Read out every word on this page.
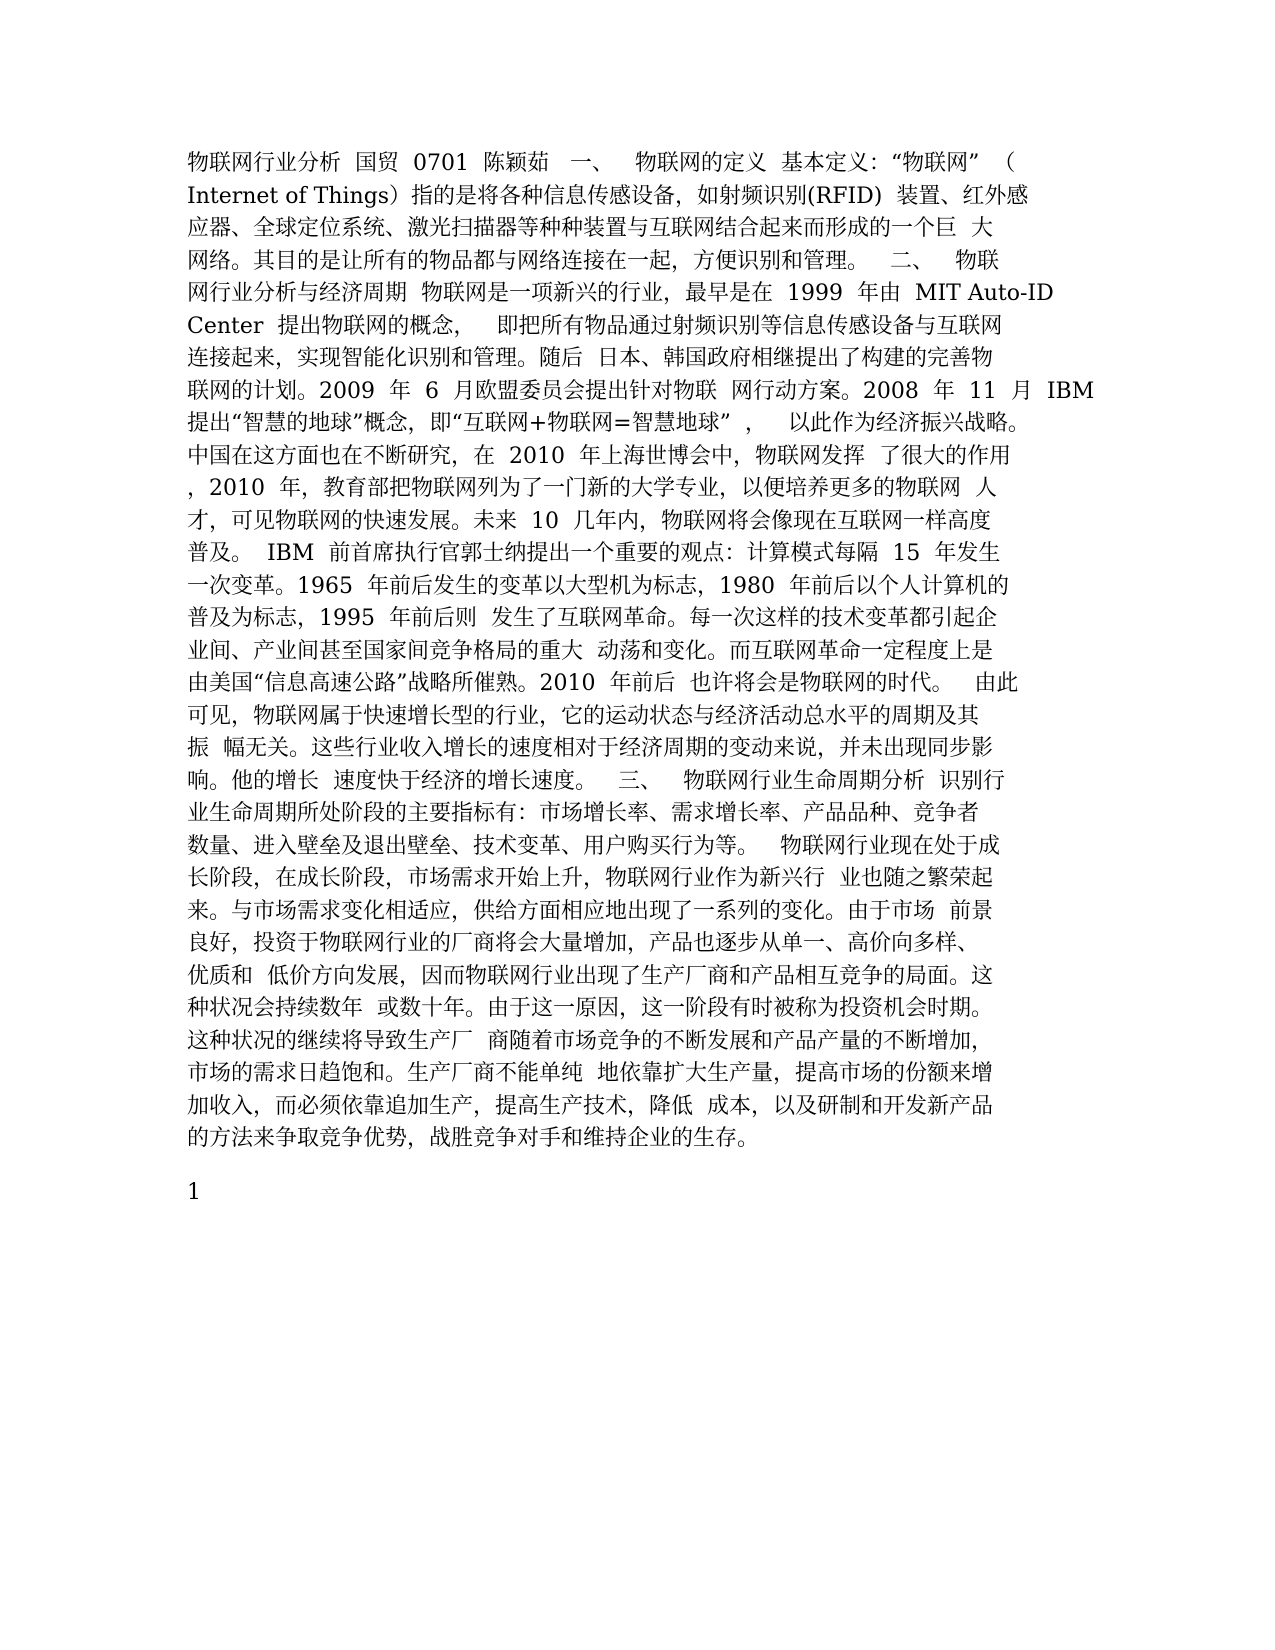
物联网行业分析  国贸  0701  陈颖茹   一、   物联网的定义  基本定义：“物联网”  （
Internet of Things）指的是将各种信息传感设备，如射频识别(RFID)  装置、红外感
应器、全球定位系统、激光扫描器等种种装置与互联网结合起来而形成的一个巨  大
网络。其目的是让所有的物品都与网络连接在一起，方便识别和管理。   二、   物联
网行业分析与经济周期  物联网是一项新兴的行业，最早是在  1999  年由  MIT Auto-ID
Center  提出物联网的概念，   即把所有物品通过射频识别等信息传感设备与互联网
连接起来，实现智能化识别和管理。随后  日本、韩国政府相继提出了构建的完善物
联网的计划。2009  年  6  月欧盟委员会提出针对物联  网行动方案。2008  年  11  月  IBM
提出“智慧的地球”概念，即“互联网+物联网=智慧地球”  ，   以此作为经济振兴战略。
中国在这方面也在不断研究，在  2010  年上海世博会中，物联网发挥  了很大的作用
，2010  年，教育部把物联网列为了一门新的大学专业，以便培养更多的物联网  人
才，可见物联网的快速发展。未来  10  几年内，物联网将会像现在互联网一样高度
普及。  IBM  前首席执行官郭士纳提出一个重要的观点：计算模式每隔  15  年发生
一次变革。1965  年前后发生的变革以大型机为标志，1980  年前后以个人计算机的
普及为标志，1995  年前后则  发生了互联网革命。每一次这样的技术变革都引起企
业间、产业间甚至国家间竞争格局的重大  动荡和变化。而互联网革命一定程度上是
由美国“信息高速公路”战略所催熟。2010  年前后  也许将会是物联网的时代。   由此
可见，物联网属于快速增长型的行业，它的运动状态与经济活动总水平的周期及其
振  幅无关。这些行业收入增长的速度相对于经济周期的变动来说，并未出现同步影
响。他的增长  速度快于经济的增长速度。   三、   物联网行业生命周期分析  识别行
业生命周期所处阶段的主要指标有：市场增长率、需求增长率、产品品种、竞争者
数量、进入壁垒及退出壁垒、技术变革、用户购买行为等。   物联网行业现在处于成
长阶段，在成长阶段，市场需求开始上升，物联网行业作为新兴行  业也随之繁荣起
来。与市场需求变化相适应，供给方面相应地出现了一系列的变化。由于市场  前景
良好，投资于物联网行业的厂商将会大量增加，产品也逐步从单一、高价向多样、
优质和  低价方向发展，因而物联网行业出现了生产厂商和产品相互竞争的局面。这
种状况会持续数年  或数十年。由于这一原因，这一阶段有时被称为投资机会时期。
这种状况的继续将导致生产厂  商随着市场竞争的不断发展和产品产量的不断增加，
市场的需求日趋饱和。生产厂商不能单纯  地依靠扩大生产量，提高市场的份额来增
加收入，而必须依靠追加生产，提高生产技术，降低  成本，以及研制和开发新产品
的方法来争取竞争优势，战胜竞争对手和维持企业的生存。
1
